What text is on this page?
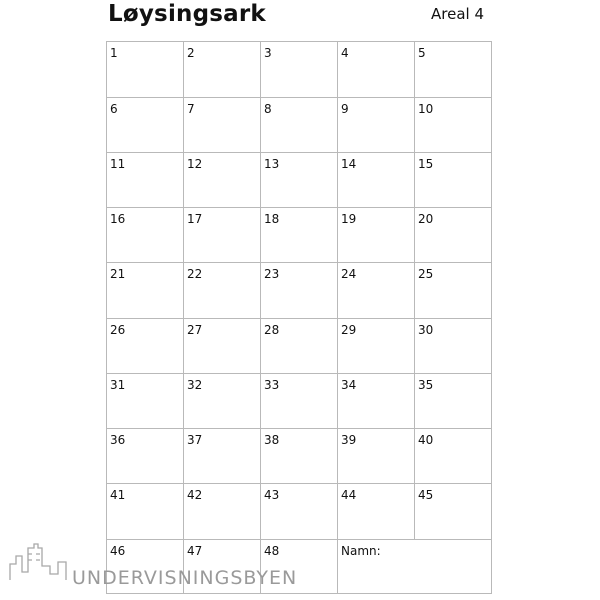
Løysingsark	Areal 4
1	2	3	4	5
6	7	8	9	10
11	12	13	14	15
16	17	18	19	20
21	22	23	24	25
26	27	28	29	30
31	32	33	34	35
36	37	38	39	40
41	42	43	44	45
46	47	48	Namn:
UNDERVISNINGSBYEN
